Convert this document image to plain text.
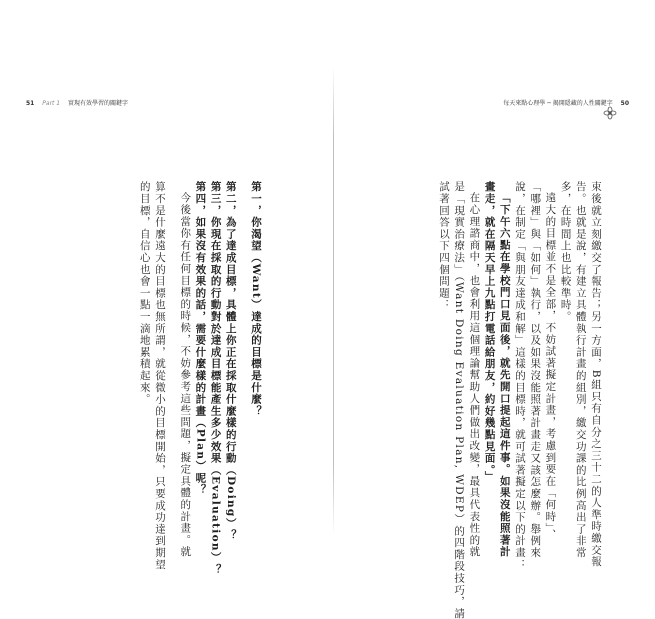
51 Part 1 實現有效學習的關鍵字	每天來點心理學 ─ 揭開隱藏的人性關鍵字 50
束後就立刻繳交了報告；另一方面，B組只有自分之三十二的人準時繳交報
告。也就是說，有建立具體執行計畫的組別，繳交功課的比例高出了非常
多，在時間上也比較準時。
遠大的目標並不是全部，不妨試著擬定計畫，考慮到要在「何時」、
「哪裡」與「如何」執行，以及如果沒能照著計畫走又該怎麼辦。舉例來
說，在制定「與朋友達成和解」這樣的目標時，就可試著擬定以下的計畫：
「下午六點在學校門口見面後，就先開口提起這件事。如果沒能照著計
畫走，就在隔天早上九點打電話給朋友，約好幾點見面。」
在心理諮商中，也會利用這個理論幫助人們做出改變，最具代表性的就
是「現實治療法」（Want Doing Evaluation Plan, WDEP）的四階段技巧，請
試著回答以下四個問題：
第一，你渴望（Want）達成的目標是什麼？
第二，為了達成目標，具體上你正在採取什麼樣的行動（Doing）？
第三，你現在採取的行動對於達成目標能產生多少效果（Evaluation）？
第四，如果沒有效果的話，需要什麼樣的計畫（Plan）呢？
今後當你有任何目標的時候，不妨參考這些問題，擬定具體的計畫。就
算不是什麼遠大的目標也無所謂，就從微小的目標開始，只要成功達到期望
的目標，自信心也會一點一滴地累積起來。
